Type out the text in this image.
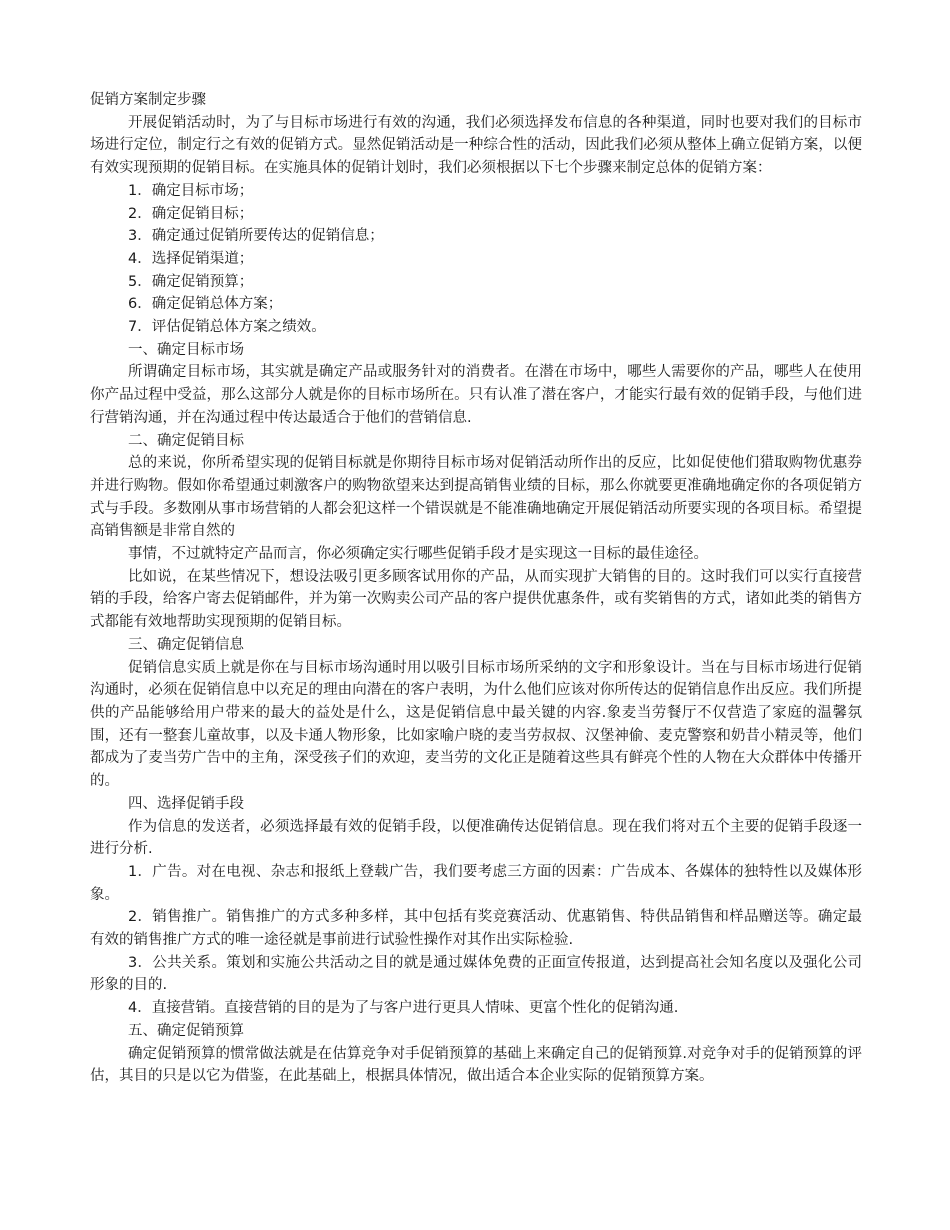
促销方案制定步骤

开展促销活动时，为了与目标市场进行有效的沟通，我们必须选择发布信息的各种渠道，同时也要对我们的目标市场进行定位，制定行之有效的促销方式。显然促销活动是一种综合性的活动，因此我们必须从整体上确立促销方案，以便有效实现预期的促销目标。在实施具体的促销计划时，我们必须根据以下七个步骤来制定总体的促销方案：

1．确定目标市场；

2．确定促销目标；

3．确定通过促销所要传达的促销信息；

4．选择促销渠道；

5．确定促销预算；

6．确定促销总体方案；

7．评估促销总体方案之绩效。

一、确定目标市场

所谓确定目标市场，其实就是确定产品或服务针对的消费者。在潜在市场中，哪些人需要你的产品，哪些人在使用你产品过程中受益，那么这部分人就是你的目标市场所在。只有认准了潜在客户，才能实行最有效的促销手段，与他们进行营销沟通，并在沟通过程中传达最适合于他们的营销信息.

二、确定促销目标

总的来说，你所希望实现的促销目标就是你期待目标市场对促销活动所作出的反应，比如促使他们猎取购物优惠券并进行购物。假如你希望通过刺激客户的购物欲望来达到提高销售业绩的目标，那么你就要更准确地确定你的各项促销方式与手段。多数刚从事市场营销的人都会犯这样一个错误就是不能准确地确定开展促销活动所要实现的各项目标。希望提高销售额是非常自然的

事情，不过就特定产品而言，你必须确定实行哪些促销手段才是实现这一目标的最佳途径。

比如说，在某些情况下，想设法吸引更多顾客试用你的产品，从而实现扩大销售的目的。这时我们可以实行直接营销的手段，给客户寄去促销邮件，并为第一次购卖公司产品的客户提供优惠条件，或有奖销售的方式，诸如此类的销售方式都能有效地帮助实现预期的促销目标。

三、确定促销信息

促销信息实质上就是你在与目标市场沟通时用以吸引目标市场所采纳的文字和形象设计。当在与目标市场进行促销沟通时，必须在促销信息中以充足的理由向潜在的客户表明，为什么他们应该对你所传达的促销信息作出反应。我们所提供的产品能够给用户带来的最大的益处是什么，这是促销信息中最关键的内容.象麦当劳餐厅不仅营造了家庭的温馨氛围，还有一整套儿童故事，以及卡通人物形象，比如家喻户晓的麦当劳叔叔、汉堡神偷、麦克警察和奶昔小精灵等，他们都成为了麦当劳广告中的主角，深受孩子们的欢迎，麦当劳的文化正是随着这些具有鲜亮个性的人物在大众群体中传播开的。

四、选择促销手段

作为信息的发送者，必须选择最有效的促销手段，以便准确传达促销信息。现在我们将对五个主要的促销手段逐一进行分析.

1．广告。对在电视、杂志和报纸上登载广告，我们要考虑三方面的因素：广告成本、各媒体的独特性以及媒体形象。

2．销售推广。销售推广的方式多种多样，其中包括有奖竞赛活动、优惠销售、特供品销售和样品赠送等。确定最有效的销售推广方式的唯一途径就是事前进行试验性操作对其作出实际检验.

3．公共关系。策划和实施公共活动之目的就是通过媒体免费的正面宣传报道，达到提高社会知名度以及强化公司形象的目的.

4．直接营销。直接营销的目的是为了与客户进行更具人情味、更富个性化的促销沟通.

五、确定促销预算

确定促销预算的惯常做法就是在估算竞争对手促销预算的基础上来确定自己的促销预算.对竞争对手的促销预算的评估，其目的只是以它为借鉴，在此基础上，根据具体情况，做出适合本企业实际的促销预算方案。
